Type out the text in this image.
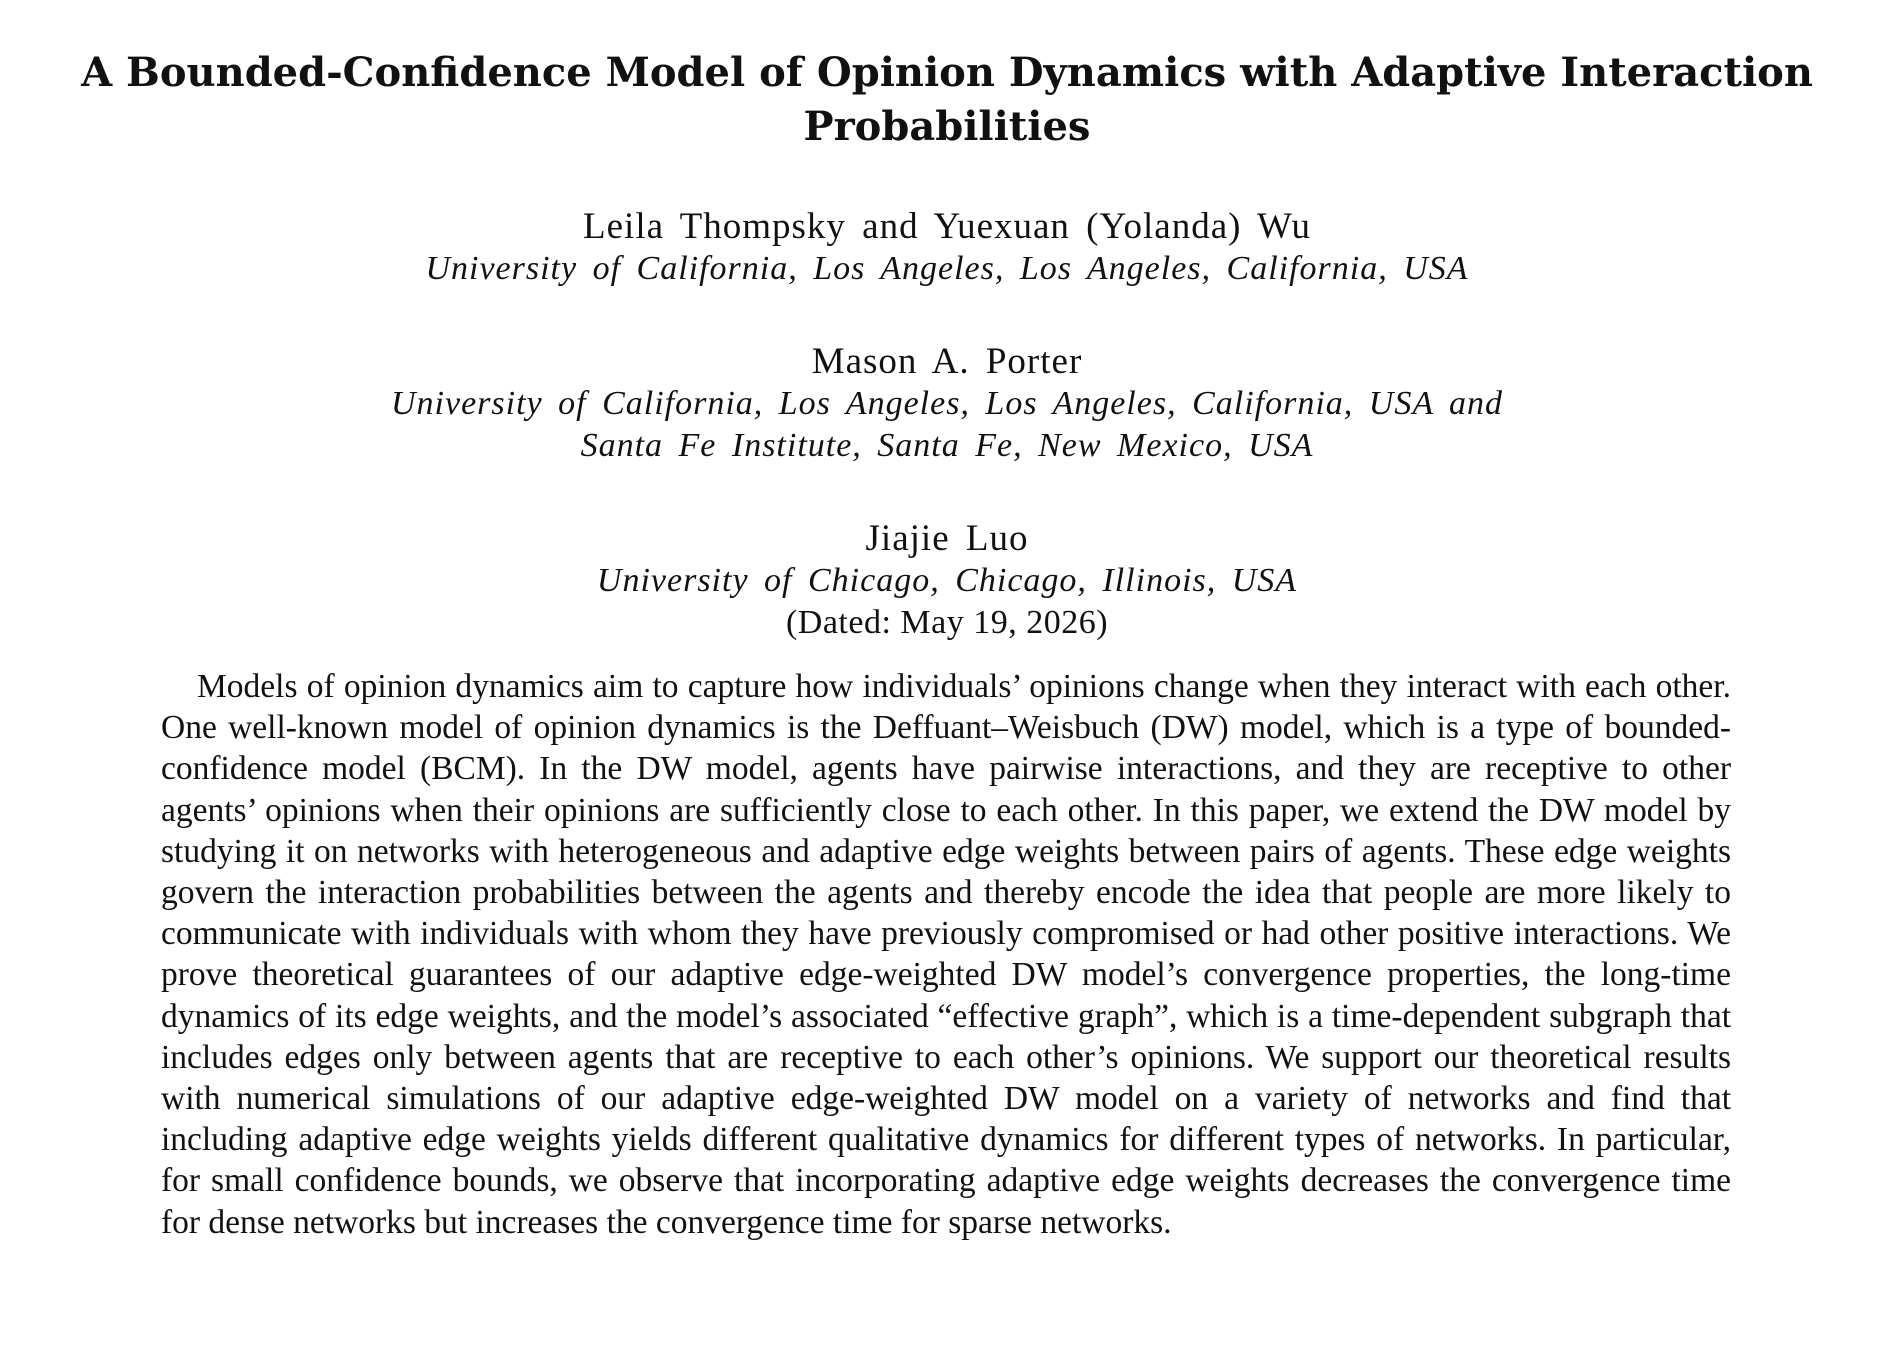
A Bounded-Confidence Model of Opinion Dynamics with Adaptive Interaction Probabilities
Leila Thompsky and Yuexuan (Yolanda) Wu
University of California, Los Angeles, Los Angeles, California, USA
Mason A. Porter
University of California, Los Angeles, Los Angeles, California, USA and
Santa Fe Institute, Santa Fe, New Mexico, USA
Jiajie Luo
University of Chicago, Chicago, Illinois, USA
(Dated: May 19, 2026)

Models of opinion dynamics aim to capture how individuals’ opinions change when they interact with each other. One well-known model of opinion dynamics is the Deffuant–Weisbuch (DW) model, which is a type of bounded-confidence model (BCM). In the DW model, agents have pairwise interactions, and they are receptive to other agents’ opinions when their opinions are sufficiently close to each other. In this paper, we extend the DW model by studying it on networks with heterogeneous and adaptive edge weights between pairs of agents. These edge weights govern the interaction probabilities between the agents and thereby encode the idea that people are more likely to communicate with individuals with whom they have previously compromised or had other positive interactions. We prove theoretical guarantees of our adaptive edge-weighted DW model’s convergence properties, the long-time dynamics of its edge weights, and the model’s associated “effective graph”, which is a time-dependent subgraph that includes edges only between agents that are receptive to each other’s opinions. We support our theoretical results with numerical simulations of our adaptive edge-weighted DW model on a variety of networks and find that including adaptive edge weights yields different qualitative dynamics for different types of networks. In particular, for small confidence bounds, we observe that incorporating adaptive edge weights decreases the convergence time for dense networks but increases the convergence time for sparse networks.
